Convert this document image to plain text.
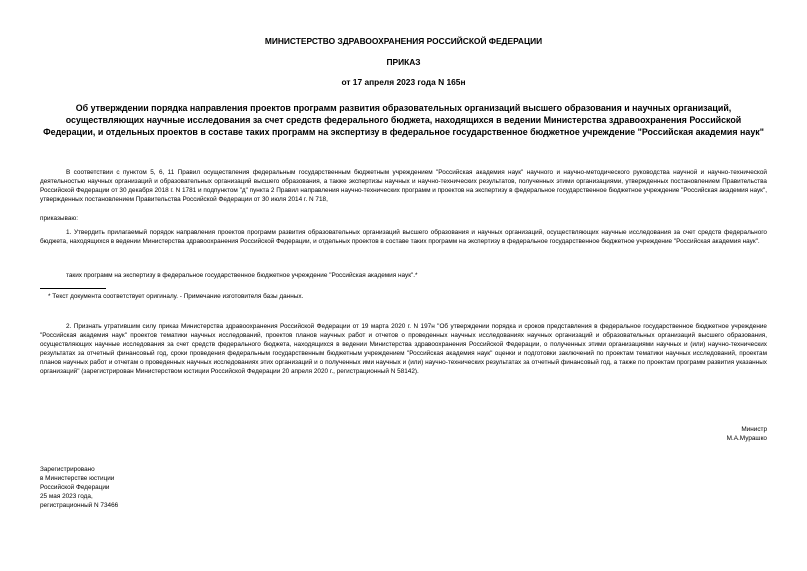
МИНИСТЕРСТВО ЗДРАВООХРАНЕНИЯ РОССИЙСКОЙ ФЕДЕРАЦИИ
ПРИКАЗ
от 17 апреля 2023 года N 165н
Об утверждении порядка направления проектов программ развития образовательных организаций высшего образования и научных организаций,
осуществляющих научные исследования за счет средств федерального бюджета, находящихся в ведении Министерства здравоохранения Российской
Федерации, и отдельных проектов в составе таких программ на экспертизу в федеральное государственное бюджетное учреждение "Российская академия наук"
В соответствии с пунктом 5, 6, 11 Правил осуществления федеральным государственным бюджетным учреждением "Российская академия наук" научного и научно-методического руководства научной и научно-технической деятельностью научных организаций и образовательных организаций высшего образования, а также экспертизы научных и научно-технических результатов, полученных этими организациями, утвержденных постановлением Правительства Российской Федерации от 30 декабря 2018 г. N 1781 и подпунктом "д" пункта 2 Правил направления научно-технических программ и проектов на экспертизу в федеральное государственное бюджетное учреждение "Российская академия наук", утвержденных постановлением Правительства Российской Федерации от 30 июля 2014 г. N 718,
приказываю:
1. Утвердить прилагаемый порядок направления проектов программ развития образовательных организаций высшего образования и научных организаций, осуществляющих научные исследования за счет средств федерального бюджета, находящихся в ведении Министерства здравоохранения Российской Федерации, и отдельных проектов в составе таких программ на экспертизу в федеральное государственное бюджетное учреждение "Российская академия наук".
таких программ на экспертизу в федеральное государственное бюджетное учреждение "Российская академия наук".*
* Текст документа соответствует оригиналу. - Примечание изготовителя базы данных.
2. Признать утратившим силу приказ Министерства здравоохранения Российской Федерации от 19 марта 2020 г. N 197н "Об утверждении порядка и сроков представления в федеральное государственное бюджетное учреждение "Российская академия наук" проектов тематики научных исследований, проектов планов научных работ и отчетов о проведенных научных исследованиях научных организаций и образовательных организаций высшего образования, осуществляющих научные исследования за счет средств федерального бюджета, находящихся в ведении Министерства здравоохранения Российской Федерации, о полученных этими организациями научных и (или) научно-технических результатах за отчетный финансовый год, сроки проведения федеральным государственным бюджетным учреждением "Российская академия наук" оценки и подготовки заключений по проектам тематики научных исследований, проектам планов научных работ и отчетам о проведенных научных исследованиях этих организаций и о полученных ими научных и (или) научно-технических результатах за отчетный финансовый год, а также по проектам программ развития указанных организаций" (зарегистрирован Министерством юстиции Российской Федерации 20 апреля 2020 г., регистрационный N 58142).
Министр
М.А.Мурашко
Зарегистрировано
в Министерстве юстиции
Российской Федерации
25 мая 2023 года,
регистрационный N 73466
